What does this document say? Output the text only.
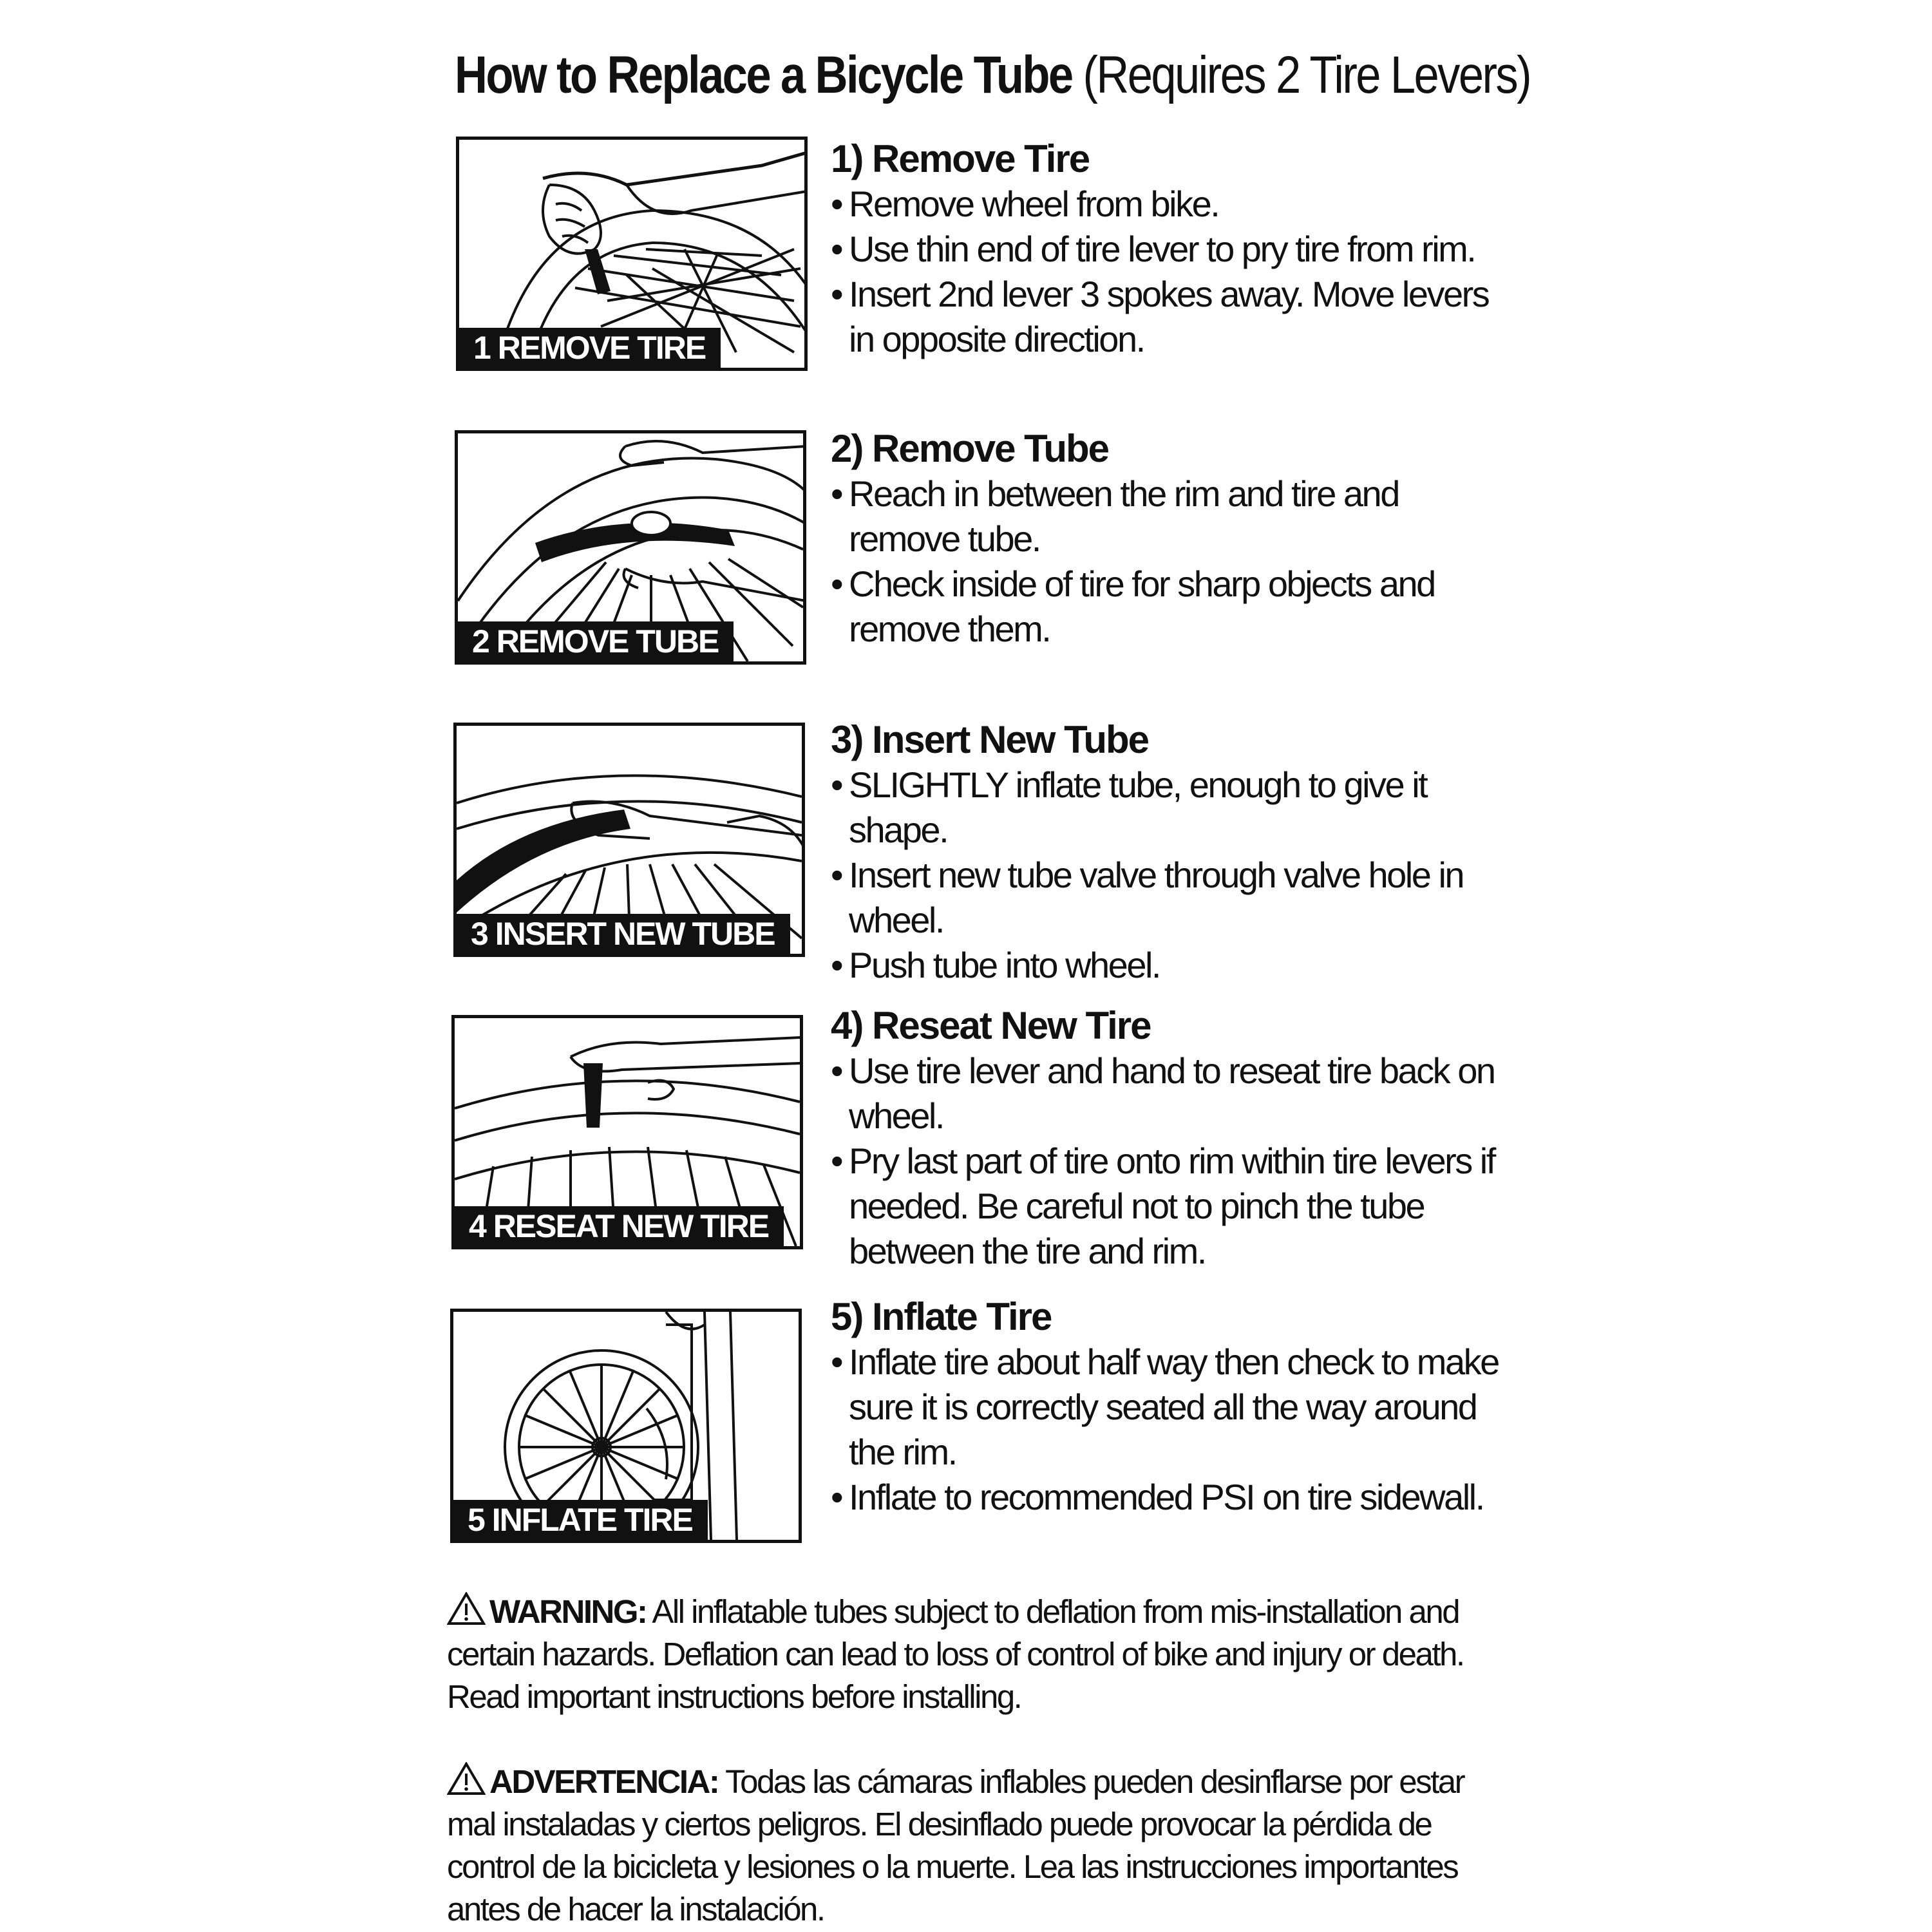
How to Replace a Bicycle Tube (Requires 2 Tire Levers)
1 REMOVE TIRE
2 REMOVE TUBE
3 INSERT NEW TUBE
4 RESEAT NEW TIRE
5 INFLATE TIRE
1) Remove Tire
• Remove wheel from bike.
• Use thin end of tire lever to pry tire from rim.
• Insert 2nd lever 3 spokes away. Move levers in opposite direction.
2) Remove Tube
• Reach in between the rim and tire and remove tube.
• Check inside of tire for sharp objects and remove them.
3) Insert New Tube
• SLIGHTLY inflate tube, enough to give it shape.
• Insert new tube valve through valve hole in wheel.
• Push tube into wheel.
4) Reseat New Tire
• Use tire lever and hand to reseat tire back on wheel.
• Pry last part of tire onto rim within tire levers if needed. Be careful not to pinch the tube between the tire and rim.
5) Inflate Tire
• Inflate tire about half way then check to make sure it is correctly seated all the way around the rim.
• Inflate to recommended PSI on tire sidewall.
WARNING: All inflatable tubes subject to deflation from mis-installation and certain hazards. Deflation can lead to loss of control of bike and injury or death. Read important instructions before installing.
ADVERTENCIA: Todas las cámaras inflables pueden desinflarse por estar mal instaladas y ciertos peligros. El desinflado puede provocar la pérdida de control de la bicicleta y lesiones o la muerte. Lea las instrucciones importantes antes de hacer la instalación.
